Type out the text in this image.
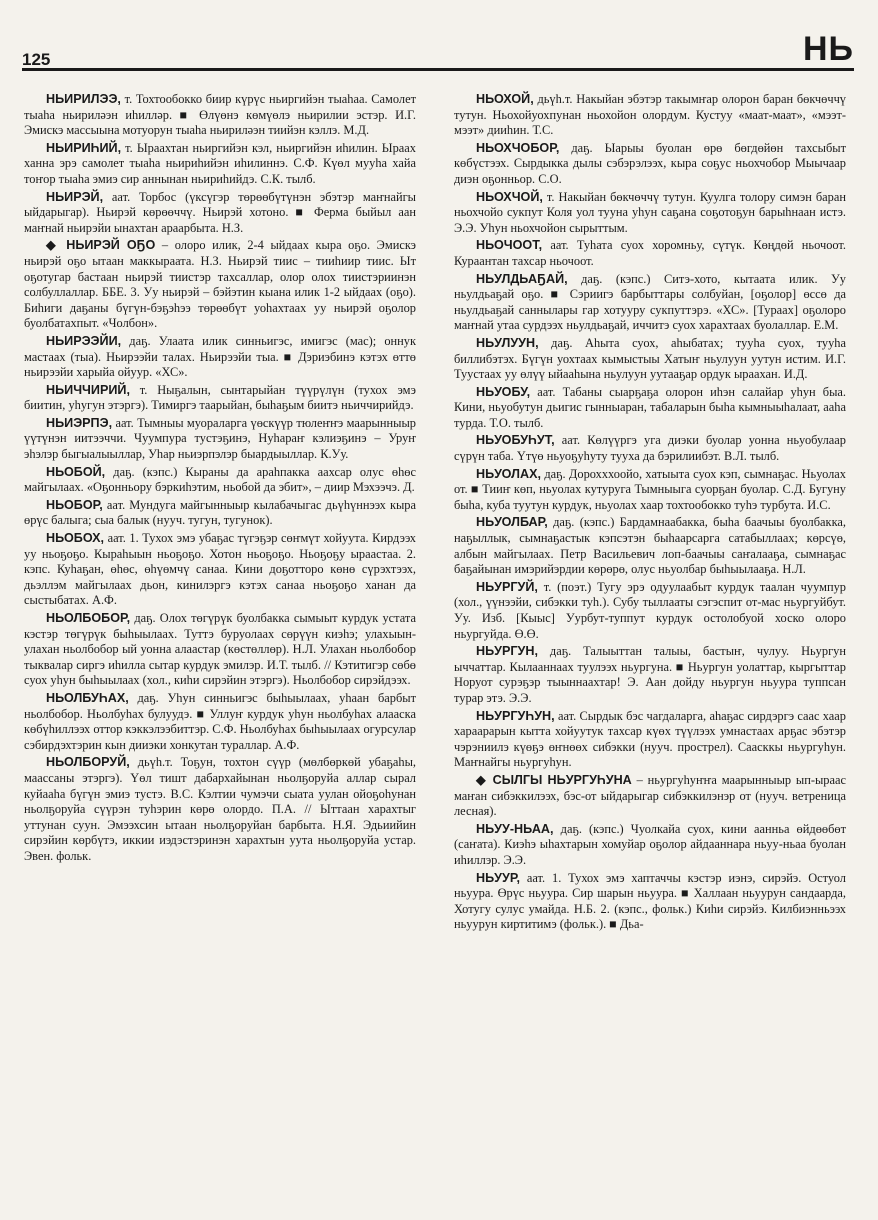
125	НЬ

НЬИРИЛЭЭ, т. Тохтообокко биир күрүс ньиргийэн тыаһаа. Самолет тыаһа ньириләэн иһилләр. ■ Өлүөнэ көмүөлэ ньирилии эстэр. И.Г. Эмискэ массыына мотуорун тыаһа ньириләэн тиийэн кэллэ. М.Д.

НЬИРИҺИЙ, т. Ыраахтан ньиргийэн кэл, ньиргийэн иһилин. Ыраах ханна эрэ самолет тыаһа ньириһийэн иһилиннэ. С.Ф. Күөл мууһа хайа тоҥор тыаһа эмиэ сир аннынан ньириһийдэ. С.К. тылб.

НЬИРЭЙ, аат. Торбос (үксүгэр төрөөбүтүнэн эбэтэр маҥнайгы ыйдарыгар). Ньирэй көрөөччү. Ньирэй хотоно. ■ Ферма быйыл аан маҥнай ньирэйи ынахтан араарбыта. Н.З.

◆ НЬИРЭЙ ОҔО – олоро илик, 2-4 ыйдаах кыра оҕо. Эмискэ ньирэй оҕо ытаан маккыраата. Н.З. Ньирэй тиис – тииһиир тиис. Ыт оҕотугар бастаан ньирэй тиистэр тахсаллар, олор олох тиистэриинэн солбуллаллар. ББЕ. 3. Уу ньирэй – бэйэтин кыана илик 1-2 ыйдаах (оҕо). Биһиги даҕаны бүгүн-бэҕэһээ төрөөбүт уоһахтаах уу ньирэй оҕолор буолбатахпыт. «Чолбон».

НЬИРЭЭЙИ, даҕ. Улаата илик синньигэс, имигэс (мас); оннук мастаах (тыа). Ньирээйи талах. Ньирээйи тыа. ■ Дэриэбинэ кэтэх өттө ньирээйи харыйа ойуур. «ХС».

НЬИЧЧИРИЙ, т. Ныҕалын, сынтарыйан түүрүлүн (тухох эмэ биитин, уһугун этэргэ). Тимиргэ таарыйан, быһаҕым биитэ ньиччирийдэ.

НЬИЭРПЭ, аат. Тымныы муораларга үөскүүр тюлеҥҥэ маарынныыр үүтүнэн иитээччи. Чуумпура тустэҕинэ, Нуһараҥ кэлиэҕинэ – Уруҥ эһэлэр быгыалыыллар, Уһар ньиэрпэлэр быардыыллар. К.Уу.

НЬОБОЙ, даҕ. (кэпс.) Кыраны да араһпакка аахсар олус өһөс майгылаах. «Оҕонньору бэркиһэтим, ньобой да эбит», – диир Мэхээчэ. Д.

НЬОБОР, аат. Мундуга майгынныыр кылабачыгас дьүһүннээх кыра өрүс балыга; сыа балык (нууч. тугун, тугунок).

НЬОБОХ, аат. 1. Тухох эмэ убаҕас түгэҕэр сөҥмүт хойуута. Кирдээх уу ньоҕоҕо. Кыраһыын ньоҕоҕо. Хотон ньоҕоҕо. Ньоҕоҕу ыраастаа. 2. кэпс. Куһаҕан, өһөс, өһүөмчү санаа. Кини доҕотторо көнө сүрэхтээх, дьэллэм майгылаах дьон, кинилэргэ кэтэх санаа ньоҕоҕо ханан да сыстыбатах. А.Ф.

НЬОЛБОБОР, даҕ. Олох төгүрүк буолбакка сымыыт курдук устата кэстэр төгүрүк быһыылаах. Туттэ буруолаах сөрүүн киэһэ; улахыын-улахан ньолбобор ый уонна алаастар (көстөллөр). Н.Л. Улахан ньолбобор тыквалар сиргэ иһилла сытар курдук эмилэр. И.Т. тылб. // Кэтитигэр сөбө суох уһун быһыылаах (хол., киһи сирэйин этэргэ). Ньолбобор сирэйдээх.

НЬОЛБУҺАХ, даҕ. Уһун синньигэс быһыылаах, уһаан барбыт ньолбобор. Ньолбуһах булуудэ. ■ Уллуҥ курдук уһун ньолбуһах алааска көбүһиллээх оттор кэккэлээбиттэр. С.Ф. Ньолбуһах быһыылаах огурсулар сэбирдэхтэрин кын дииэки хонкутан тураллар. А.Ф.

НЬОЛБОРУЙ, дьүһ.т. Тоҕун, тохтон сүүр (мөлбөркөй убаҕаһы, маассаны этэргэ). Үөл тишт дабархайынан ньолҕоруйа аллар сырал куйааһа бүгүн эмиэ тустэ. В.С. Кэлтии чумэчи сыата уулан ойоҕоһунан ньолҕоруйа сүүрэн туһэрин көрө олордо. П.А. // Ыттаан харахтыг уттунан суун. Эмээхсин ытаан ньолҕоруйан барбыта. Н.Я. Эдьиийин сирэйин көрбүтэ, иккии иэдэстэринэн харахтын уута ньолҕоруйа устар. Эвен. фольк.

НЬОХОЙ, дьүһ.т. Накыйан эбэтэр такымҥар олорон баран бөкчөччү тутун. Ньохойуохпунан ньохойон олордум. Кустуу «маат-маат», «мээт-мээт» дииһин. Т.С.

НЬОХЧОБОР, даҕ. Ыарыы буолан өрө бөгдөйөн тахсыбыт көбүстээх. Сырдыкка дылы сэбэрэлээх, кыра соҕус ньохчобор Мыычаар диэн оҕонньор. С.О.

НЬОХЧОЙ, т. Накыйан бөкчөччү тутун. Куулга толору симэн баран ньохчойо сукпут Коля уол тууна уһун саҕана соҕотоҕун барыһнаан истэ. Э.Э. Уһун ньохчойон сырыттым.

НЬОЧООТ, аат. Туһата суох хоромньу, сүтүк. Көңдөй ньочоот. Кураантан тахсар ньочоот.

НЬУЛДЬАҔАЙ, даҕ. (кэпс.) Ситэ-хото, кытаата илик. Уу ньулдьаҕай оҕо. ■ Сэриигэ барбыттары солбуйан, [оҕолор] өссө да ньулдьаҕай саннылары гар хотууру сукпуттэрэ. «ХС». [Тураах] оҕолоро маҥнай утаа сурдээх ньулдьаҕай, иччитэ суох харахтаах буолаллар. Е.М.

НЬУЛУУН, даҕ. Аһыта суох, аһыбатах; тууһа суох, тууһа биллибэтэх. Бүгүн уохтаах кымыстыы Хатыҥ ньулуун уутун истим. И.Г. Туустаах уу өлүү ыйааһына ньулуун уутааҕар ордук ыраахан. И.Д.

НЬУОБУ, аат. Табаны сыарҕаҕа олорон иһэн салайар уһун быа. Кини, ньуобутун дьигис гынныаран, табаларын быһа кымныыһалаат, ааһа турда. Т.О. тылб.

НЬУОБУҺУТ, аат. Көлүүргэ уга диэки буолар уонна ньуобулаар сүрүн таба. Үтүө ньуоҕуһуту тууха да бэрилиибэт. В.Л. тылб.

НЬУОЛАХ, даҕ. Дорохххоойо, хатыыта суох кэп, сымнаҕас. Ньуолах от. ■ Тииҥ көп, ньуолах кутуруга Тымныыга суорҕан буолар. С.Д. Бугуну быһа, куба туутун курдук, ньуолах хаар тохтообокко туһэ турбута. И.С.

НЬУОЛБАР, даҕ. (кэпс.) Бардамнаабакка, быһа баачыы буолбакка, наҕыллык, сымнаҕастык кэпсэтэн быһаарсарга сатабыллаах; көрсүө, албын майгылаах. Петр Васильевич лоп-баачыы саҥалааҕа, сымнаҕас баҕайынан имэрийэрдии көрөрө, олус ньуолбар быһыылааҕа. Н.Л.

НЬУРГУЙ, т. (поэт.) Тугу эрэ одуулаабыт курдук таалан чуумпур (хол., үүнээйи, сибэкки туһ.). Субу тыллааты сэгэспит от-мас ньургуйбут. Уу. Изб. [Кыыс] Уурбут-туппут курдук остолобуой хоско олоро ньургуйда. Ө.Ө.

НЬУРГУН, даҕ. Талыыттан талыы, бастыҥ, чулуу. Ньургун ыччаттар. Кылааннаах туулээх ньургуна. ■ Ньургун уолаттар, кыргыттар Норуот сурэҕэр тыыннаахтар! Э. Аан дойду ньургун ньуура туппсан турар этэ. Э.Э.

НЬУРГУҺУН, аат. Сырдык бэс чагдаларга, аһаҕас сирдэргэ саас хаар хараарарын кытта хойуутук тахсар күөх түүлээх умнастаах арҕас эбэтэр чэрэниилэ күөҕэ өҥнөөх сибэкки (нууч. прострел). Саасккы ньургуһун. Маҥнайгы ньургуһун.

◆ СЫЛГЫ НЬУРГУҺУНА – ньургуһуҥҥа маарынныыр ып-ыраас маҥан сибэккилээх, бэс-от ыйдарыгар сибэккилэнэр от (нууч. ветреница лесная).

НЬУУ-НЬАА, даҕ. (кэпс.) Чуолкайа суох, кини аанньа өйдөөбөт (саҥата). Киэһэ ыһахтарын хомуйар оҕолор айдааннара ньуу-ньаа буолан иһиллэр. Э.Э.

НЬУУР, аат. 1. Тухох эмэ хаптаччы кэстэр иэнэ, сирэйэ. Остуол ньуура. Өрүс ньуура. Сир шарын ньуура. ■ Халлаан ньуурун сандаарда, Хотугу сулус умайда. Н.Б. 2. (кэпс., фольк.) Киһи сирэйэ. Килбиэнньээх ньуурун киртитимэ (фольк.). ■ Дьа-
